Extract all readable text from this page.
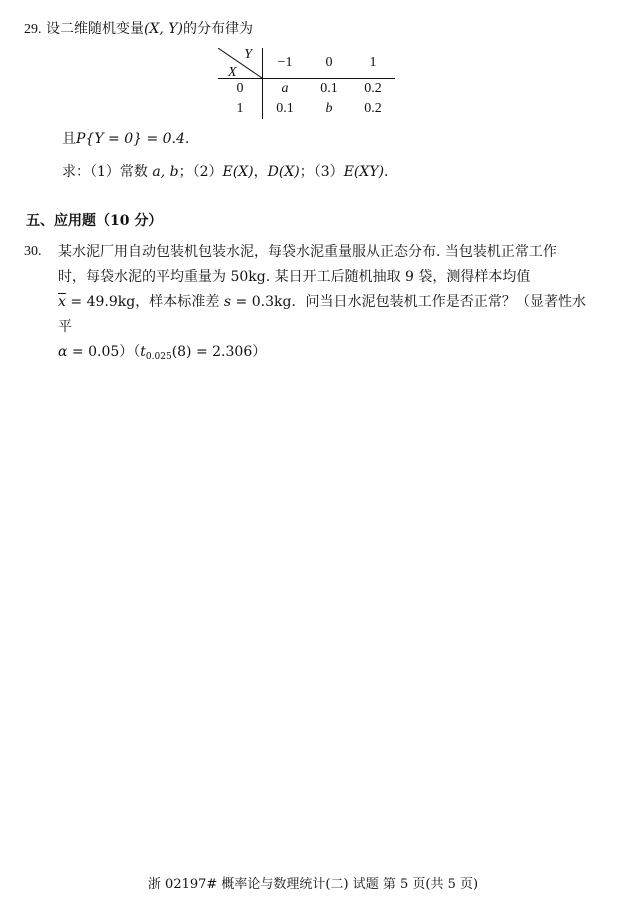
29. 设二维随机变量(X, Y)的分布律为
Y
X	−1	0	1
0	a	0.1	0.2
1	0.1	b	0.2
且P{Y = 0} = 0.4.
求：（1）常数 a, b；（2）E(X)，D(X)；（3）E(XY).
五、应用题（10 分）
30. 某水泥厂用自动包装机包装水泥，每袋水泥重量服从正态分布. 当包装机正常工作
时，每袋水泥的平均重量为 50kg. 某日开工后随机抽取 9 袋，测得样本均值
$\overline{x} = 49.9kg$，样本标准差 s = 0.3kg．问当日水泥包装机工作是否正常？（显著性水平
$\alpha = 0.05)(t_{0.025}(8) = 2.306)$
浙 02197# 概率论与数理统计(二) 试题 第 5 页(共 5 页)
